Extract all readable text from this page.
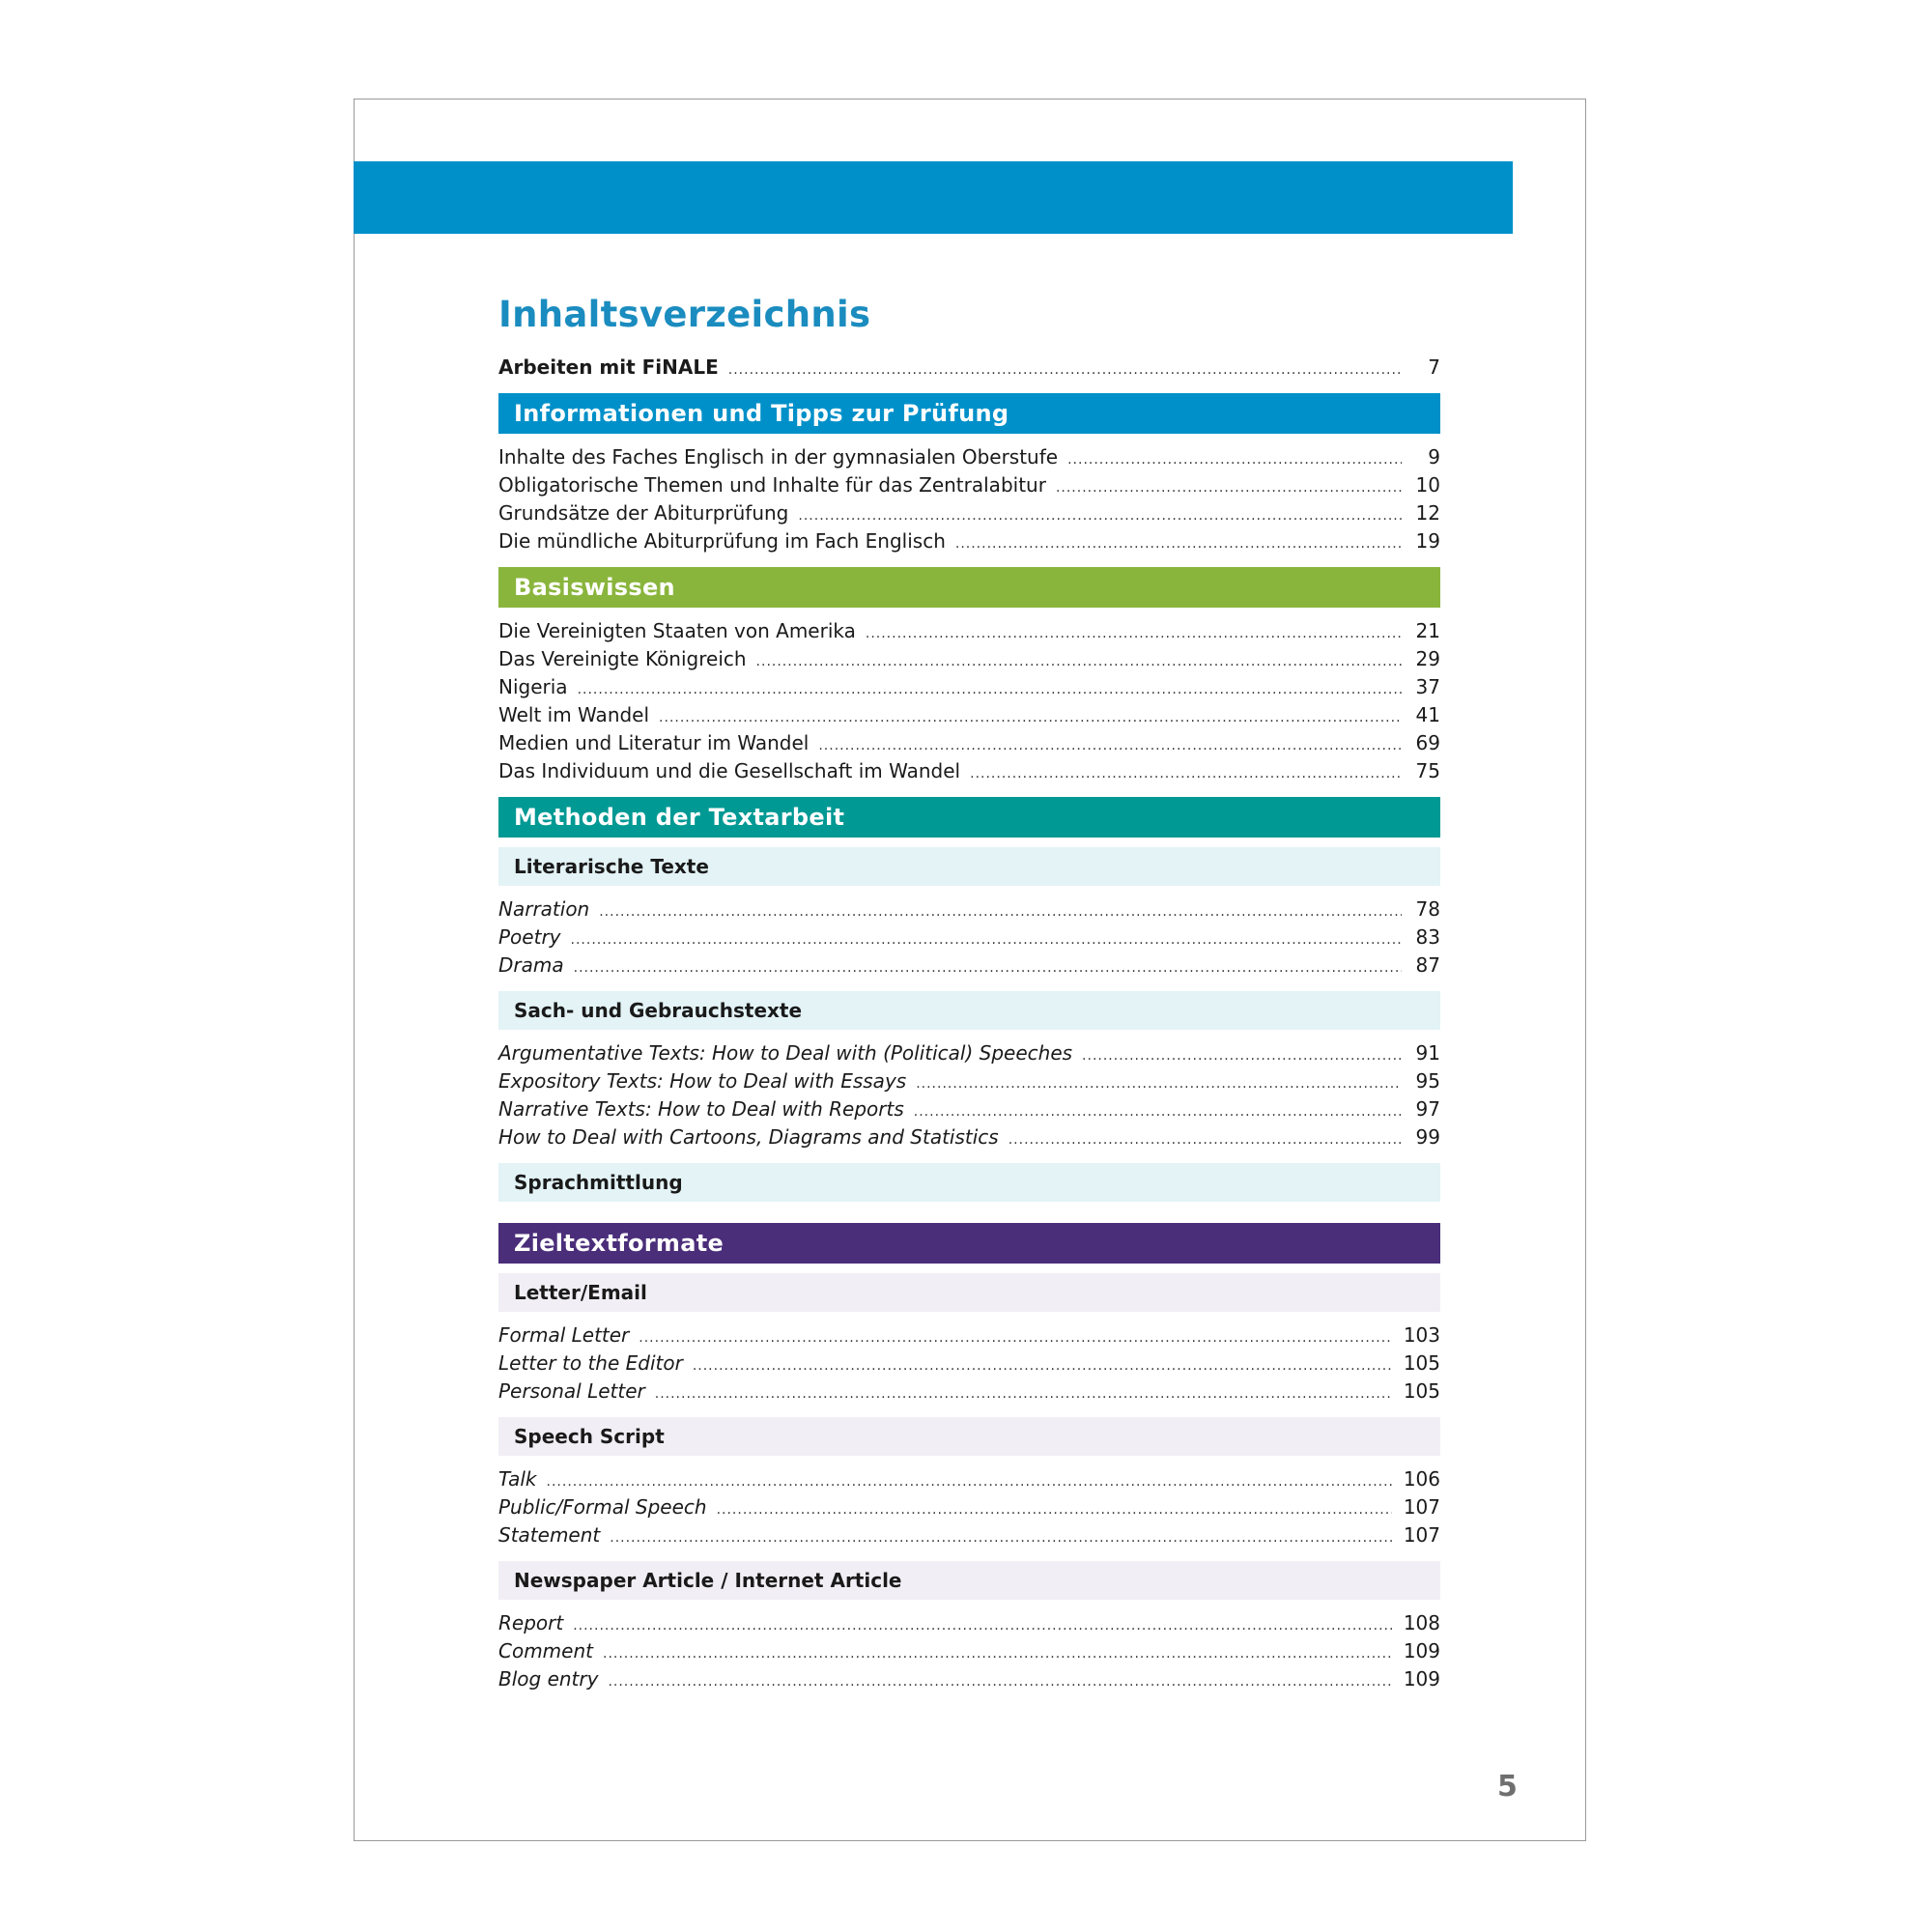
Inhaltsverzeichnis
Arbeiten mit FiNALE .....	7
Informationen und Tipps zur Prüfung
Inhalte des Faches Englisch in der gymnasialen Oberstufe .....	9
Obligatorische Themen und Inhalte für das Zentralabitur .....	10
Grundsätze der Abiturprüfung .....	12
Die mündliche Abiturprüfung im Fach Englisch .....	19
Basiswissen
Die Vereinigten Staaten von Amerika .....	21
Das Vereinigte Königreich .....	29
Nigeria .....	37
Welt im Wandel .....	41
Medien und Literatur im Wandel .....	69
Das Individuum und die Gesellschaft im Wandel .....	75
Methoden der Textarbeit
Literarische Texte
Narration .....	78
Poetry .....	83
Drama .....	87
Sach- und Gebrauchstexte
Argumentative Texts: How to Deal with (Political) Speeches .....	91
Expository Texts: How to Deal with Essays .....	95
Narrative Texts: How to Deal with Reports .....	97
How to Deal with Cartoons, Diagrams and Statistics .....	99
Sprachmittlung
Zieltextformate
Letter/Email
Formal Letter .....	103
Letter to the Editor .....	105
Personal Letter .....	105
Speech Script
Talk .....	106
Public/Formal Speech .....	107
Statement .....	107
Newspaper Article / Internet Article
Report .....	108
Comment .....	109
Blog entry .....	109
5
